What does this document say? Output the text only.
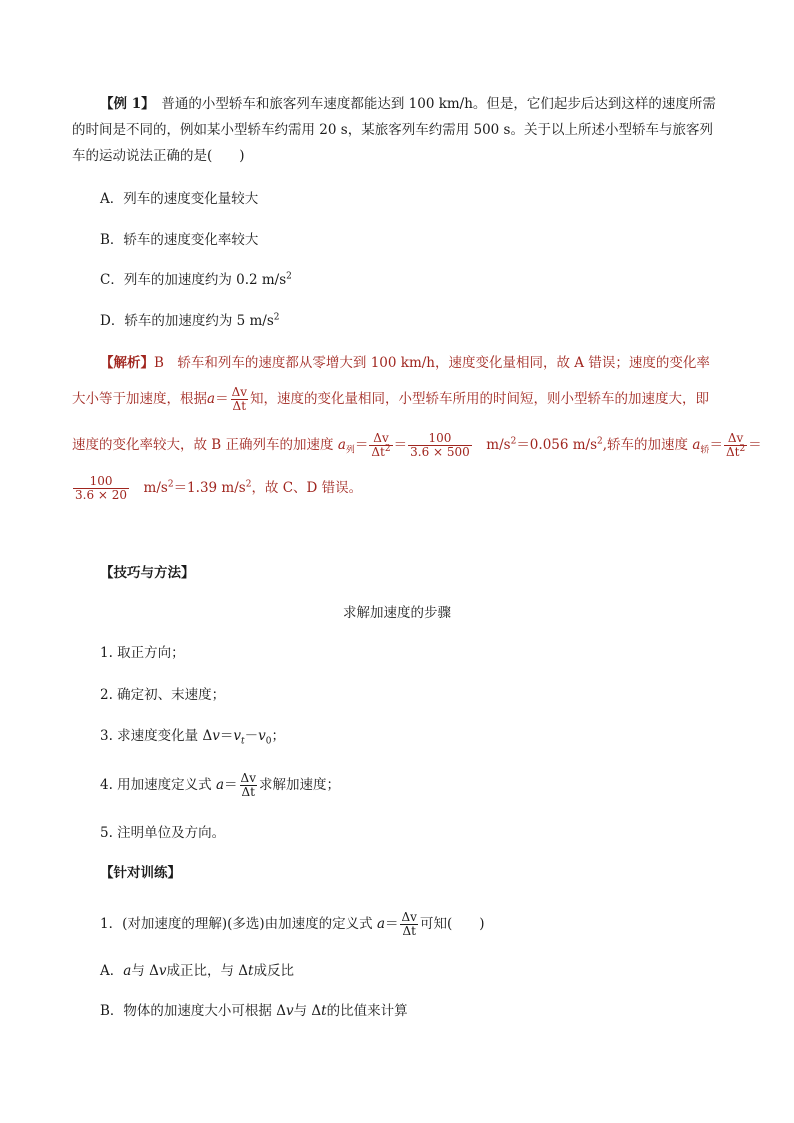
【例 1】　 普通的小型轿车和旅客列车速度都能达到 100 km/h。但是，它们起步后达到这样的速度所需
的时间是不同的，例如某小型轿车约需用 20 s，某旅客列车约需用 500 s。关于以上所述小型轿车与旅客列
车的运动说法正确的是(　　)
A．列车的速度变化量较大
B．轿车的速度变化率较大
C．列车的加速度约为 0.2 $m/s^2$
D．轿车的加速度约为 5 $m/s^2$
【解析】B　轿车和列车的速度都从零增大到 100 km/h，速度变化量相同，故 A 错误；速度的变化率
大小等于加速度，根据$a= \frac{\Delta v}{\Delta t}$ 知，速度的变化量相同，小型轿车所用的时间短，则小型轿车的加速度大，即
速度的变化率较大，故 B 正确列车的加速度 $a_列= \frac{\Delta v}{\Delta t^2} = \frac{100}{3.6 \times 500}$
　 $m/s^2=0.056$ $m/s^2$,轿车的加速度 $a_轿= \frac{\Delta v}{\Delta t^2}$ ＝
$\frac{100}{3.6 \times 20}$
　 $m/s^2=1.39$ $m/s^2$，故 C、D 错误。
【技巧与方法】
求解加速度的步骤
1. 取正方向；
2. 确定初、末速度；
3. 求速度变化量 $\Delta v=v_t-v_0$；
4. 用加速度定义式 $a= \frac{\Delta v}{\Delta t}$ 求解加速度；
5. 注明单位及方向。
【针对训练】
1．(对加速度的理解)(多选)由加速度的定义式 $a= \frac{\Delta v}{\Delta t}$ 可知(　　)
A．a与 Δv成正比，与 Δt成反比
B．物体的加速度大小可根据 Δv与 Δt的比值来计算
